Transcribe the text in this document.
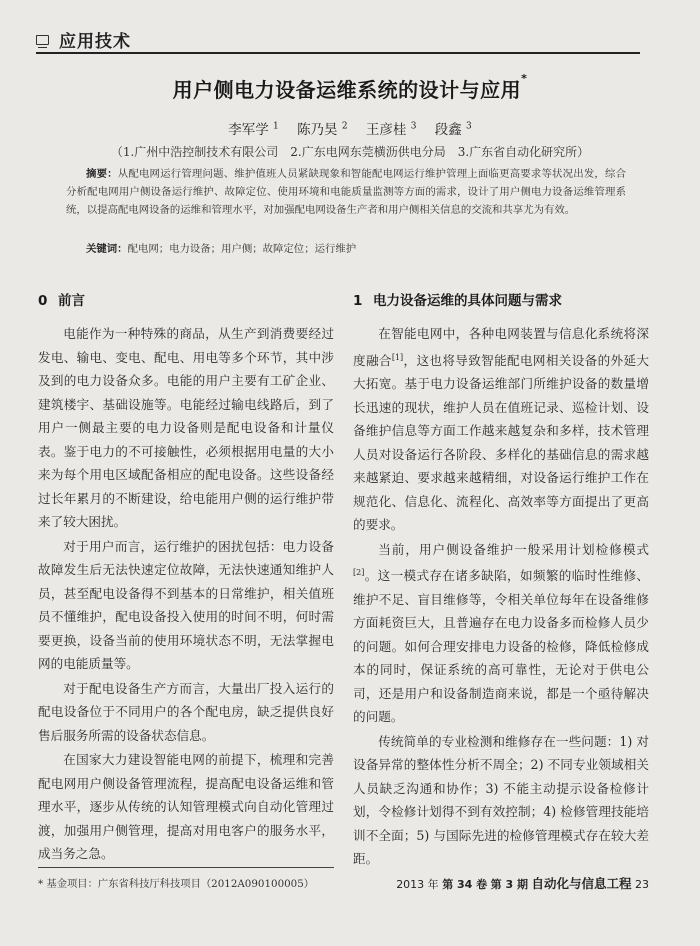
应用技术
用户侧电力设备运维系统的设计与应用*
李军学 $^1$ 陈乃昊 $^2$ 王彦桂 $^3$ 段鑫 $^3$
（1.广州中浩控制技术有限公司　2.广东电网东莞横沥供电分局　3.广东省自动化研究所）
摘要：从配电网运行管理问题、维护值班人员紧缺现象和智能配电网运行维护管理上面临更高要求等状况出发，综合分析配电网用户侧设备运行维护、故障定位、使用环境和电能质量监测等方面的需求，设计了用户侧电力设备运维管理系统，以提高配电网设备的运维和管理水平，对加强配电网设备生产者和用户侧相关信息的交流和共享尤为有效。
关键词：配电网；电力设备；用户侧；故障定位；运行维护
0 前言

电能作为一种特殊的商品，从生产到消费要经过发电、输电、变电、配电、用电等多个环节，其中涉及到的电力设备众多。电能的用户主要有工矿企业、建筑楼宇、基础设施等。电能经过输电线路后，到了用户一侧最主要的电力设备则是配电设备和计量仪表。鉴于电力的不可接触性，必须根据用电量的大小来为每个用电区域配备相应的配电设备。这些设备经过长年累月的不断建设，给电能用户侧的运行维护带来了较大困扰。

对于用户而言，运行维护的困扰包括：电力设备故障发生后无法快速定位故障，无法快速通知维护人员，甚至配电设备得不到基本的日常维护，相关值班员不懂维护，配电设备投入使用的时间不明，何时需要更换，设备当前的使用环境状态不明，无法掌握电网的电能质量等。

对于配电设备生产方而言，大量出厂投入运行的配电设备位于不同用户的各个配电房，缺乏提供良好售后服务所需的设备状态信息。

在国家大力建设智能电网的前提下，梳理和完善配电网用户侧设备管理流程，提高配电设备运维和管理水平，逐步从传统的认知管理模式向自动化管理过渡，加强用户侧管理，提高对用电客户的服务水平，成当务之急。

1 电力设备运维的具体问题与需求

在智能电网中，各种电网装置与信息化系统将深度融合[1]，这也将导致智能配电网相关设备的外延大大拓宽。基于电力设备运维部门所维护设备的数量增长迅速的现状，维护人员在值班记录、巡检计划、设备维护信息等方面工作越来越复杂和多样，技术管理人员对设备运行各阶段、多样化的基础信息的需求越来越紧迫、要求越来越精细，对设备运行维护工作在规范化、信息化、流程化、高效率等方面提出了更高的要求。

当前，用户侧设备维护一般采用计划检修模式[2]。这一模式存在诸多缺陷，如频繁的临时性维修、维护不足、盲目维修等，令相关单位每年在设备维修方面耗资巨大，且普遍存在电力设备多而检修人员少的问题。如何合理安排电力设备的检修，降低检修成本的同时，保证系统的高可靠性，无论对于供电公司，还是用户和设备制造商来说，都是一个亟待解决的问题。

传统简单的专业检测和维修存在一些问题：1) 对设备异常的整体性分析不周全；2) 不同专业领域相关人员缺乏沟通和协作；3) 不能主动提示设备检修计划，令检修计划得不到有效控制；4) 检修管理技能培训不全面；5) 与国际先进的检修管理模式存在较大差距。

* 基金项目：广东省科技厅科技项目（2012A090100005）	2013 年 第 34 卷 第 3 期 自动化与信息工程 23
